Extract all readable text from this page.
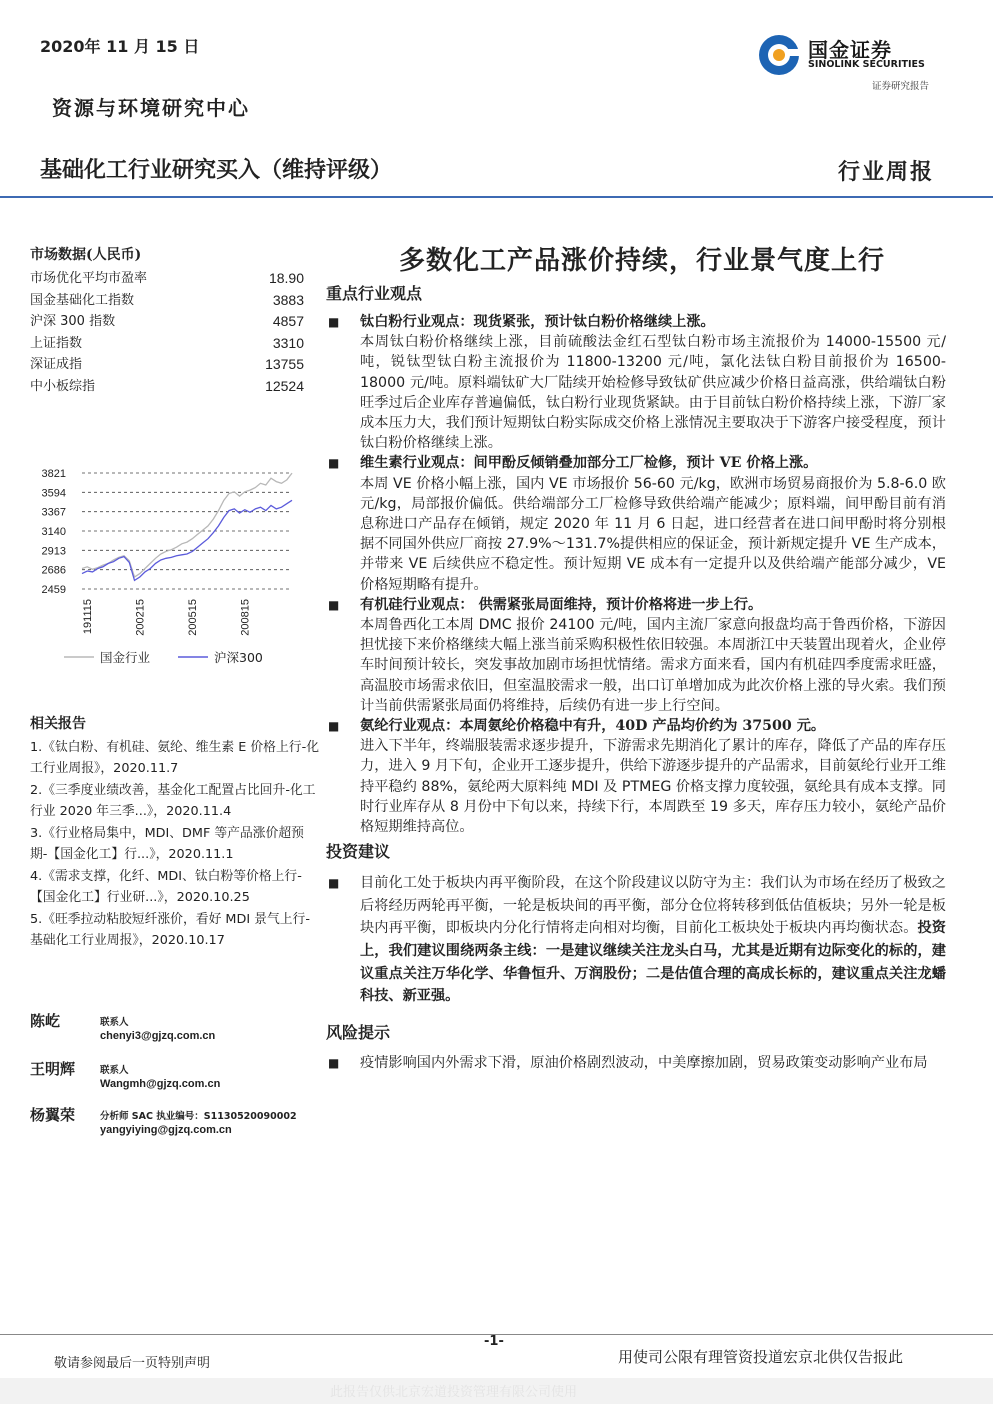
2020年 11 月 15 日	国金证券
SINOLINK SECURITIES
证券研究报告
资源与环境研究中心
基础化工行业研究买入（维持评级）	行业周报
市场数据(人民币)
市场优化平均市盈率	18.90
国金基础化工指数	3883
沪深 300 指数	4857
上证指数	3310
深证成指	13755
中小板综指	12524
3821
3594
3367
3140
2913
2686
2459
191115	200215	200515	200815
国金行业	沪深300
相关报告
1.《钛白粉、有机硅、氨纶、维生素 E 价格上行-化工行业周报》，2020.11.7
2.《三季度业绩改善，基金化工配置占比回升-化工行业 2020 年三季...》，2020.11.4
3.《行业格局集中，MDI、DMF 等产品涨价超预期-【国金化工】行...》，2020.11.1
4.《需求支撑，化纤、MDI、钛白粉等价格上行-【国金化工】行业研...》，2020.10.25
5.《旺季拉动粘胶短纤涨价，看好 MDI 景气上行-基础化工行业周报》，2020.10.17
陈屹	联系人
chenyi3@gjzq.com.cn
王明辉	联系人
Wangmh@gjzq.com.cn
杨翼荣	分析师 SAC 执业编号：S1130520090002
yangyiying@gjzq.com.cn
多数化工产品涨价持续，行业景气度上行
重点行业观点
■ 钛白粉行业观点：现货紧张，预计钛白粉价格继续上涨。
本周钛白粉价格继续上涨，目前硫酸法金红石型钛白粉市场主流报价为 14000-15500 元/吨，锐钛型钛白粉主流报价为 11800-13200 元/吨，氯化法钛白粉目前报价为 16500-18000 元/吨。原料端钛矿大厂陆续开始检修导致钛矿供应减少价格日益高涨，供给端钛白粉旺季过后企业库存普遍偏低，钛白粉行业现货紧缺。由于目前钛白粉价格持续上涨，下游厂家成本压力大，我们预计短期钛白粉实际成交价格上涨情况主要取决于下游客户接受程度，预计钛白粉价格继续上涨。
■ 维生素行业观点：间甲酚反倾销叠加部分工厂检修，预计 VE 价格上涨。
本周 VE 价格小幅上涨，国内 VE 市场报价 56-60 元/kg，欧洲市场贸易商报价为 5.8-6.0 欧元/kg，局部报价偏低。供给端部分工厂检修导致供给端产能减少；原料端，间甲酚目前有消息称进口产品存在倾销，规定 2020 年 11 月 6 日起，进口经营者在进口间甲酚时将分别根据不同国外供应厂商按 27.9%～131.7%提供相应的保证金，预计新规定提升 VE 生产成本，并带来 VE 后续供应不稳定性。预计短期 VE 成本有一定提升以及供给端产能部分减少，VE 价格短期略有提升。
■ 有机硅行业观点： 供需紧张局面维持，预计价格将进一步上行。
本周鲁西化工本周 DMC 报价 24100 元/吨，国内主流厂家意向报盘均高于鲁西价格，下游因担忧接下来价格继续大幅上涨当前采购积极性依旧较强。本周浙江中天装置出现着火，企业停车时间预计较长，突发事故加剧市场担忧情绪。需求方面来看，国内有机硅四季度需求旺盛，高温胶市场需求依旧，但室温胶需求一般，出口订单增加成为此次价格上涨的导火索。我们预计当前供需紧张局面仍将维持，后续仍有进一步上行空间。
■ 氨纶行业观点：本周氨纶价格稳中有升，40D 产品均价约为 37500 元。
进入下半年，终端服装需求逐步提升，下游需求先期消化了累计的库存，降低了产品的库存压力，进入 9 月下旬，企业开工逐步提升，供给下游逐步提升的产品需求，目前氨纶行业开工维持平稳约 88%，氨纶两大原料纯 MDI 及 PTMEG 价格支撑力度较强，氨纶具有成本支撑。同时行业库存从 8 月份中下旬以来，持续下行，本周跌至 19 多天，库存压力较小，氨纶产品价格短期维持高位。
投资建议
■ 目前化工处于板块内再平衡阶段，在这个阶段建议以防守为主：我们认为市场在经历了极致之后将经历两轮再平衡，一轮是板块间的再平衡，部分仓位将转移到低估值板块；另外一轮是板块内再平衡，即板块内分化行情将走向相对均衡，目前化工板块处于板块内再均衡状态。投资上，我们建议围绕两条主线：一是建议继续关注龙头白马，尤其是近期有边际变化的标的，建议重点关注万华化学、华鲁恒升、万润股份；二是估值合理的高成长标的，建议重点关注龙蟠科技、新亚强。
风险提示
■ 疫情影响国内外需求下滑，原油价格剧烈波动，中美摩擦加剧，贸易政策变动影响产业布局
-1-
敬请参阅最后一页特别声明	用使司公限有理管资投道宏京北供仅告报此
此报告仅供北京宏道投资管理有限公司使用
